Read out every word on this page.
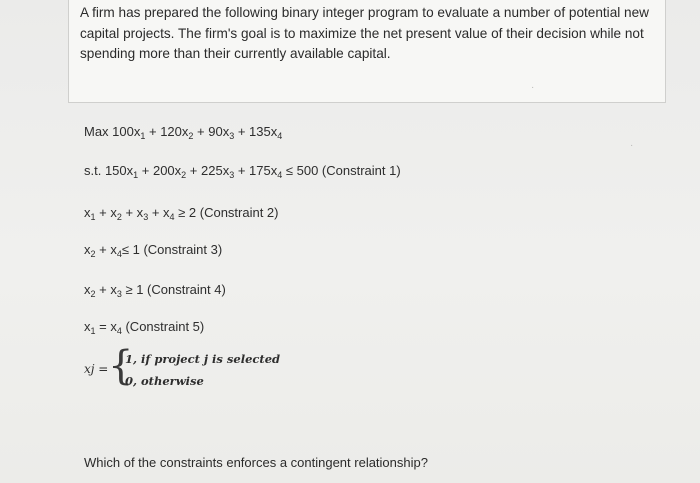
A firm has prepared the following binary integer program to evaluate a number of potential new capital projects. The firm's goal is to maximize the net present value of their decision while not spending more than their currently available capital.
Max $100x_1 + 120x_2 + 90x_3 + 135x_4$
s.t. $150x_1 + 200x_2 + 225x_3 + 175x_4 \le 500$ (Constraint 1)
$x_1 + x_2 + x_3 + x_4 \ge 2$ (Constraint 2)
$x_2 + x_4\le 1$ (Constraint 3)
$x_2 + x_3 \ge 1$ (Constraint 4)
$x_1 = x_4$ (Constraint 5)
xj = {
1, if project j is selected
0, otherwise
Which of the constraints enforces a contingent relationship?
·
·
